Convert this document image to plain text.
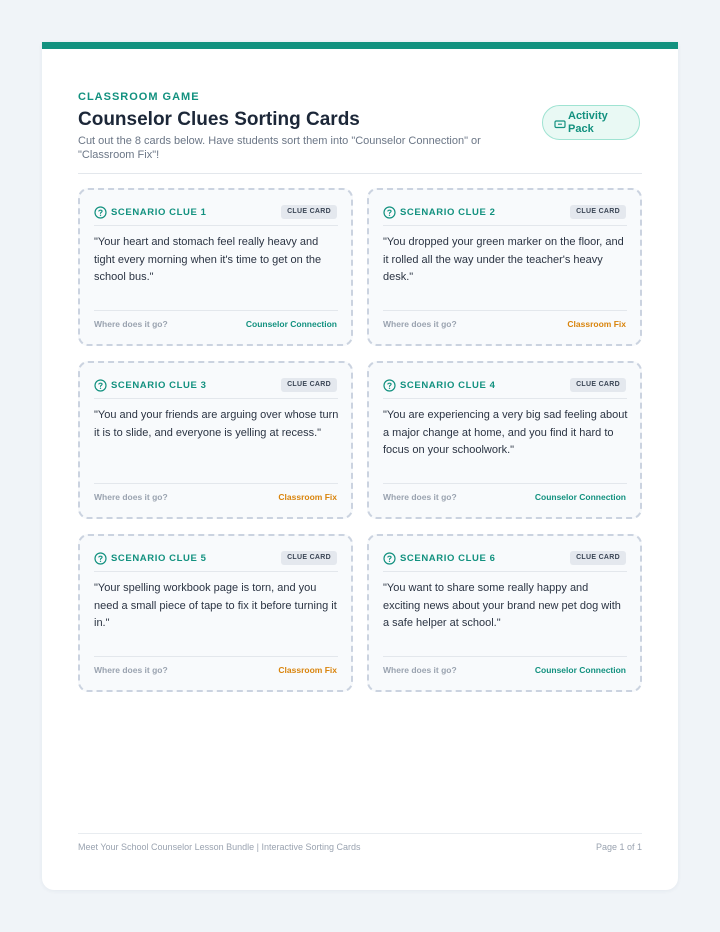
CLASSROOM GAME
Counselor Clues Sorting Cards
Cut out the 8 cards below. Have students sort them into "Counselor Connection" or "Classroom Fix"!
Activity Pack
SCENARIO CLUE 1	CLUE CARD
"Your heart and stomach feel really heavy and tight every morning when it's time to get on the school bus."
Where does it go?	Counselor Connection
SCENARIO CLUE 2	CLUE CARD
"You dropped your green marker on the floor, and it rolled all the way under the teacher's heavy desk."
Where does it go?	Classroom Fix
SCENARIO CLUE 3	CLUE CARD
"You and your friends are arguing over whose turn it is to slide, and everyone is yelling at recess."
Where does it go?	Classroom Fix
SCENARIO CLUE 4	CLUE CARD
"You are experiencing a very big sad feeling about a major change at home, and you find it hard to focus on your schoolwork."
Where does it go?	Counselor Connection
SCENARIO CLUE 5	CLUE CARD
"Your spelling workbook page is torn, and you need a small piece of tape to fix it before turning it in."
Where does it go?	Classroom Fix
SCENARIO CLUE 6	CLUE CARD
"You want to share some really happy and exciting news about your brand new pet dog with a safe helper at school."
Where does it go?	Counselor Connection
Meet Your School Counselor Lesson Bundle | Interactive Sorting Cards	Page 1 of 1
